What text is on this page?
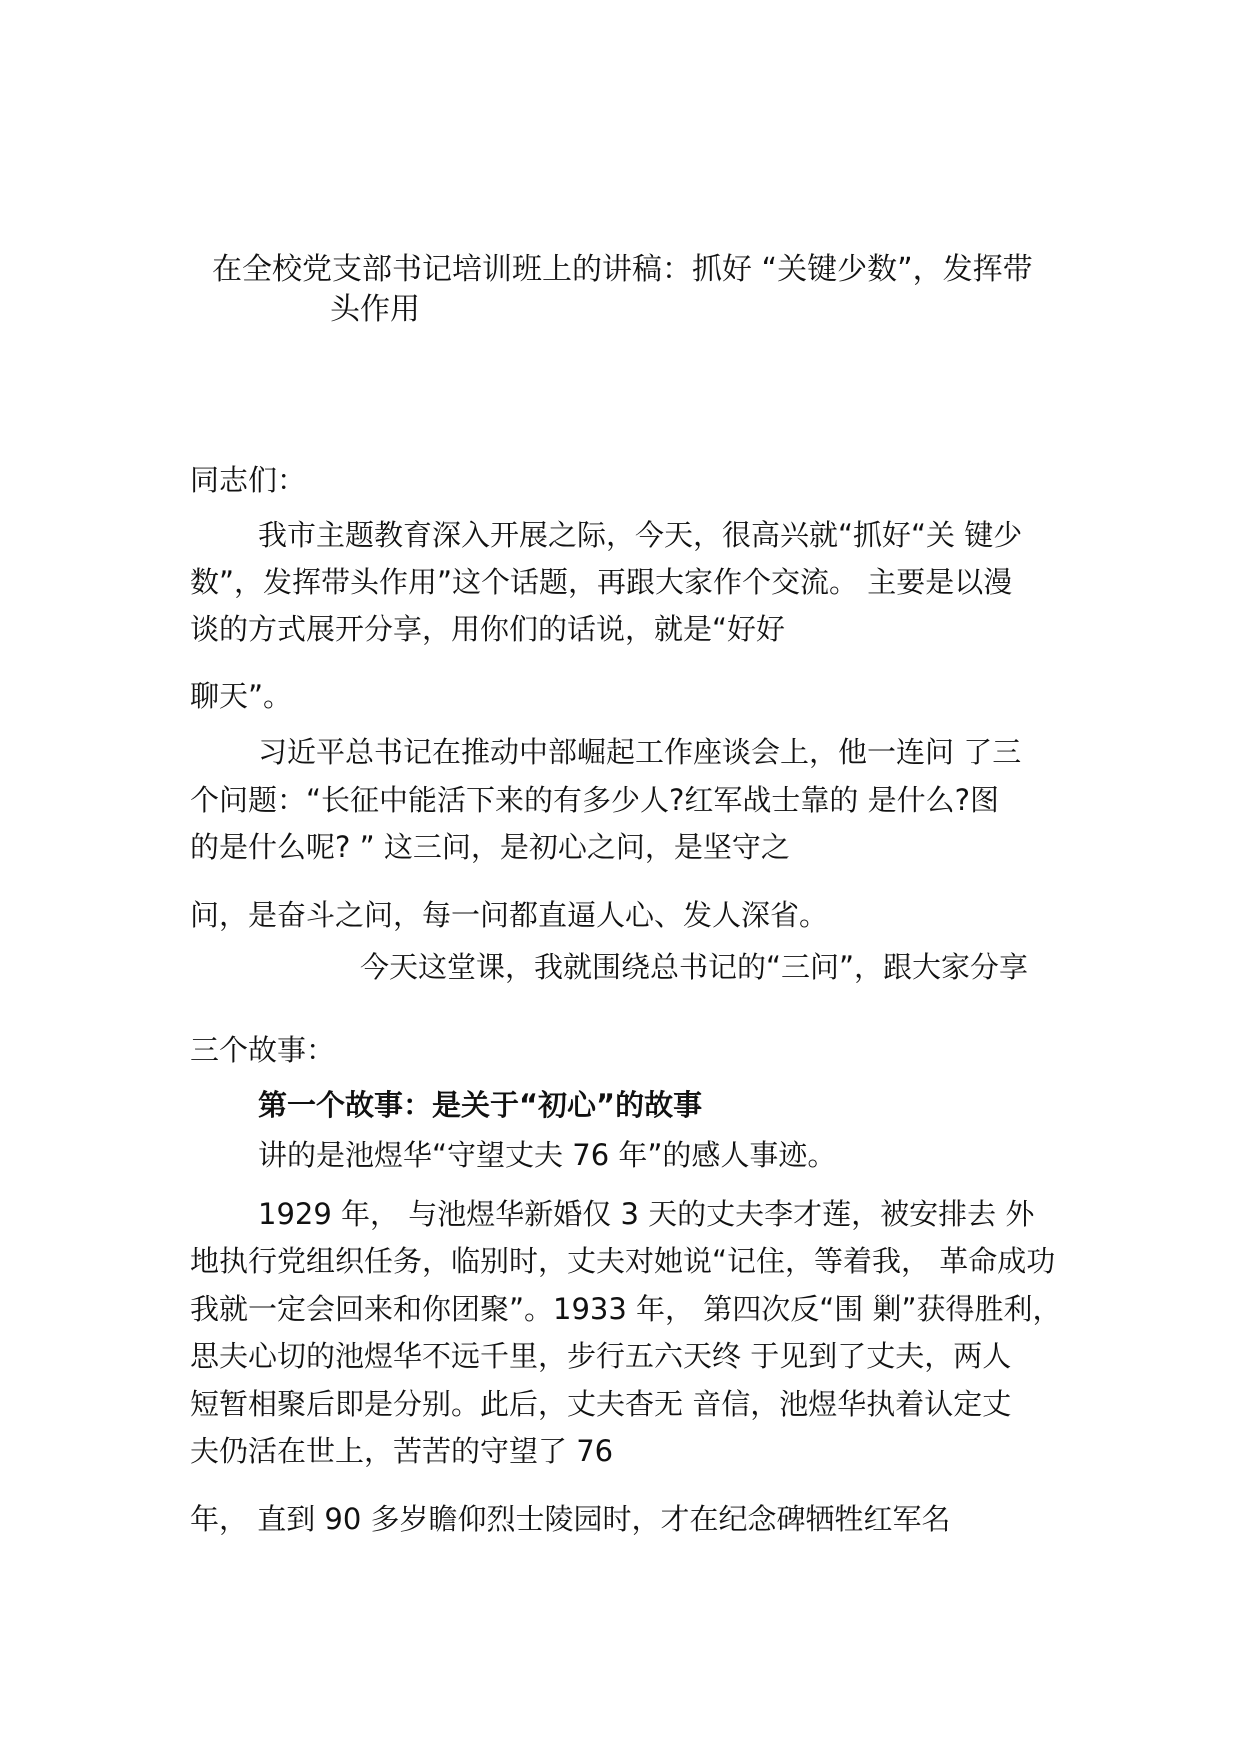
在全校党支部书记培训班上的讲稿：抓好 “关键少数”，发挥带
头作用
同志们：
我市主题教育深入开展之际，今天，很高兴就“抓好“关 键少
数”，发挥带头作用”这个话题，再跟大家作个交流。 主要是以漫
谈的方式展开分享，用你们的话说，就是“好好
聊天”。
习近平总书记在推动中部崛起工作座谈会上，他一连问 了三
个问题：“长征中能活下来的有多少人?红军战士靠的 是什么?图
的是什么呢? ” 这三问，是初心之问，是坚守之
问，是奋斗之问，每一问都直逼人心、发人深省。
今天这堂课，我就围绕总书记的“三问”，跟大家分享
三个故事：
第一个故事：是关于“初心”的故事
讲的是池煜华“守望丈夫 76 年”的感人事迹。
1929 年， 与池煜华新婚仅 3 天的丈夫李才莲，被安排去 外
地执行党组织任务，临别时，丈夫对她说“记住，等着我， 革命成功
我就一定会回来和你团聚”。1933 年， 第四次反“围 剿”获得胜利，
思夫心切的池煜华不远千里，步行五六天终 于见到了丈夫，两人
短暂相聚后即是分别。此后，丈夫杳无 音信，池煜华执着认定丈
夫仍活在世上，苦苦的守望了 76
年， 直到 90 多岁瞻仰烈士陵园时，才在纪念碑牺牲红军名
